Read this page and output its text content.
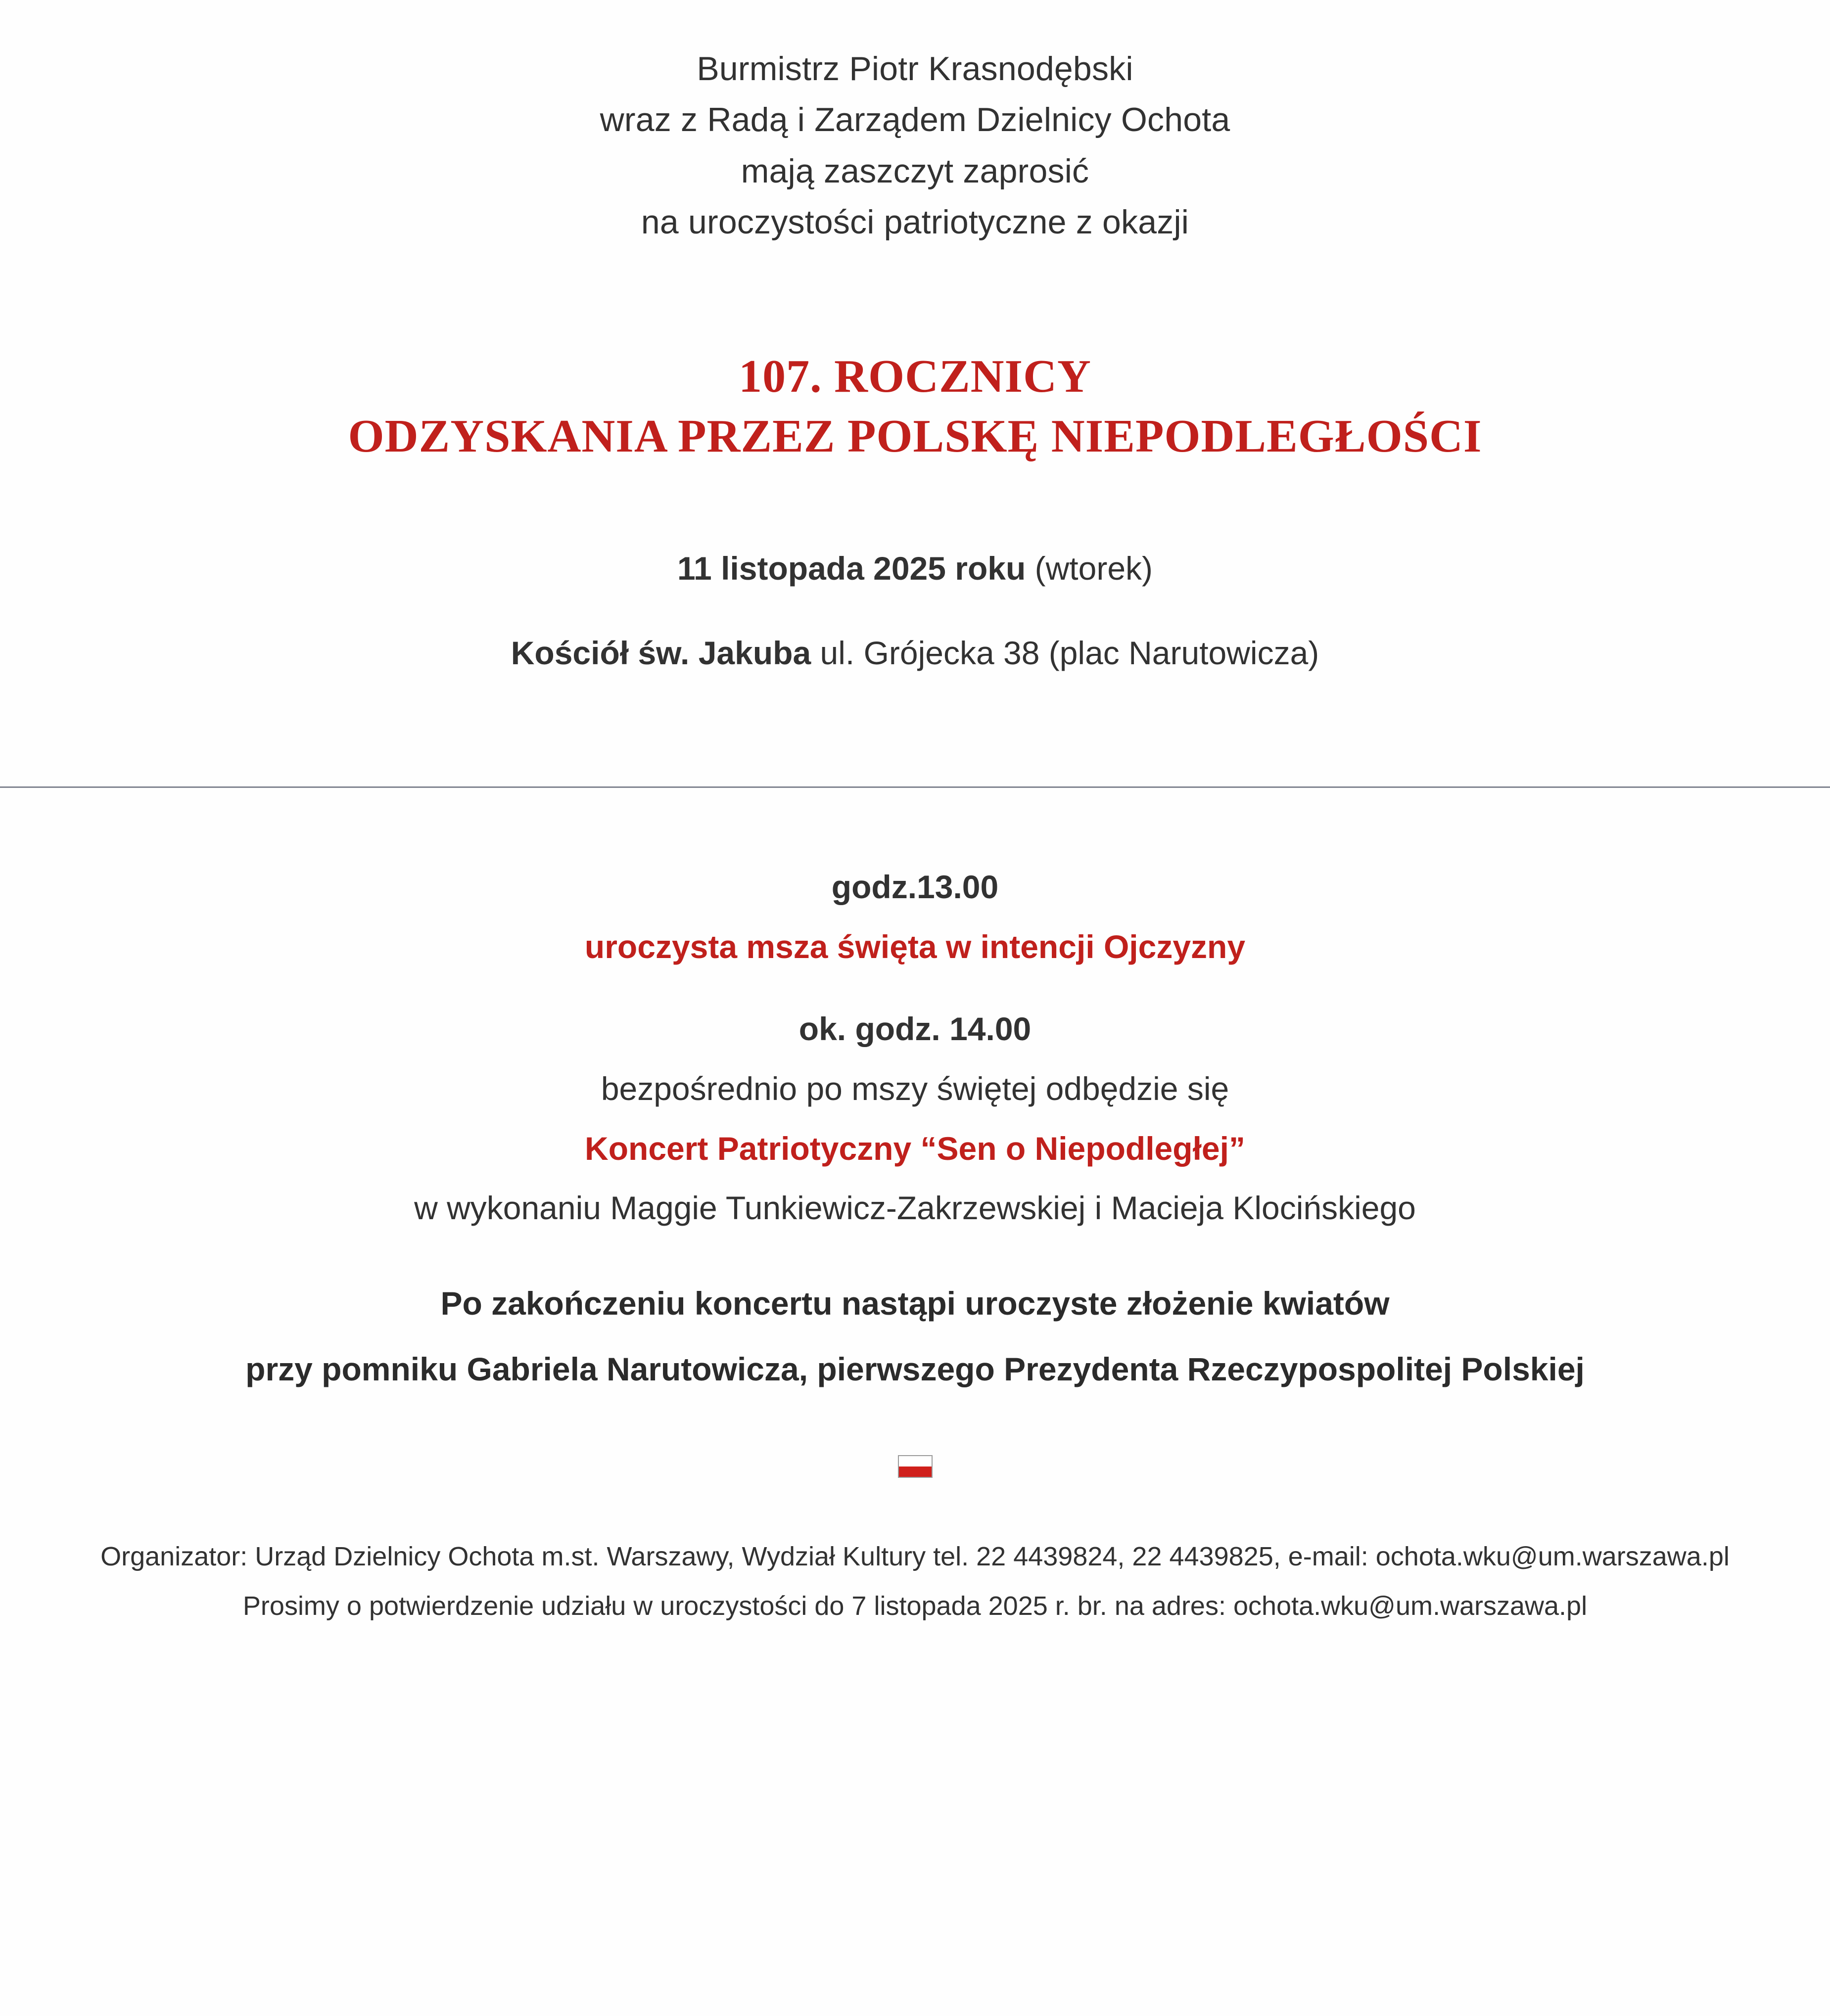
Burmistrz Piotr Krasnodębski
wraz z Radą i Zarządem Dzielnicy Ochota
mają zaszczyt zaprosić
na uroczystości patriotyczne z okazji
107. ROCZNICY
ODZYSKANIA PRZEZ POLSKĘ NIEPODLEGŁOŚCI
11 listopada 2025 roku (wtorek)
Kościół św. Jakuba ul. Grójecka 38 (plac Narutowicza)
godz.13.00
uroczysta msza święta w intencji Ojczyzny
ok. godz. 14.00
bezpośrednio po mszy świętej odbędzie się
Koncert Patriotyczny “Sen o Niepodległej”
w wykonaniu Maggie Tunkiewicz-Zakrzewskiej i Macieja Klocińskiego
Po zakończeniu koncertu nastąpi uroczyste złożenie kwiatów
przy pomniku Gabriela Narutowicza, pierwszego Prezydenta Rzeczypospolitej Polskiej
Organizator: Urząd Dzielnicy Ochota m.st. Warszawy, Wydział Kultury tel. 22 4439824, 22 4439825, e-mail: ochota.wku@um.warszawa.pl
Prosimy o potwierdzenie udziału w uroczystości do 7 listopada 2025 r. br. na adres: ochota.wku@um.warszawa.pl
